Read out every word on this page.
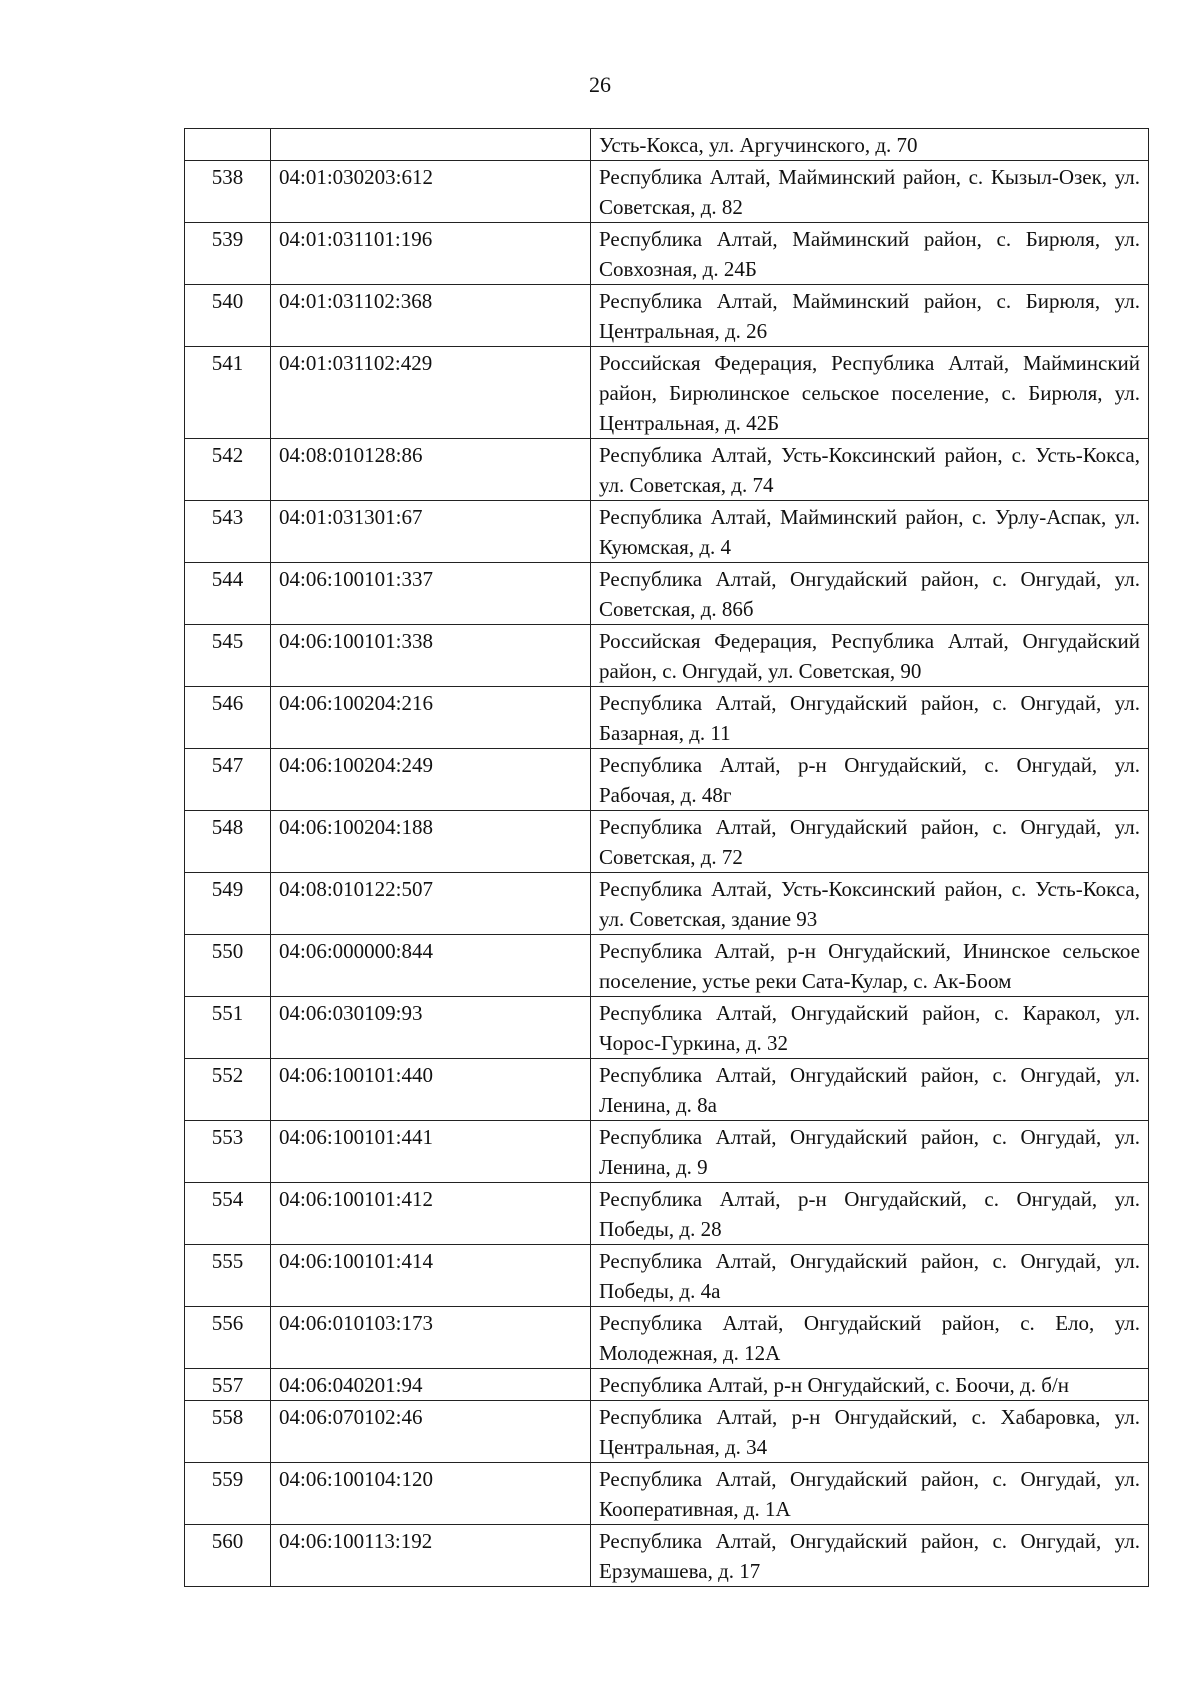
26
		Усть-Кокса, ул. Аргучинского, д. 70
538	04:01:030203:612	Республика Алтай, Майминский район, с. Кызыл-Озек, ул. Советская, д. 82
539	04:01:031101:196	Республика Алтай, Майминский район, с. Бирюля, ул. Совхозная, д. 24Б
540	04:01:031102:368	Республика Алтай, Майминский район, с. Бирюля, ул. Центральная, д. 26
541	04:01:031102:429	Российская Федерация, Республика Алтай, Майминский район, Бирюлинское сельское поселение, с. Бирюля, ул. Центральная, д. 42Б
542	04:08:010128:86	Республика Алтай, Усть-Коксинский район, с. Усть-Кокса, ул. Советская, д. 74
543	04:01:031301:67	Республика Алтай, Майминский район, с. Урлу-Аспак, ул. Куюмская, д. 4
544	04:06:100101:337	Республика Алтай, Онгудайский район, с. Онгудай, ул. Советская, д. 86б
545	04:06:100101:338	Российская Федерация, Республика Алтай, Онгудайский район, с. Онгудай, ул. Советская, 90
546	04:06:100204:216	Республика Алтай, Онгудайский район, с. Онгудай, ул. Базарная, д. 11
547	04:06:100204:249	Республика Алтай, р-н Онгудайский, с. Онгудай, ул. Рабочая, д. 48г
548	04:06:100204:188	Республика Алтай, Онгудайский район, с. Онгудай, ул. Советская, д. 72
549	04:08:010122:507	Республика Алтай, Усть-Коксинский район, с. Усть-Кокса, ул. Советская, здание 93
550	04:06:000000:844	Республика Алтай, р-н Онгудайский, Ининское сельское поселение, устье реки Сата-Кулар, с. Ак-Боом
551	04:06:030109:93	Республика Алтай, Онгудайский район, с. Каракол, ул. Чорос-Гуркина, д. 32
552	04:06:100101:440	Республика Алтай, Онгудайский район, с. Онгудай, ул. Ленина, д. 8а
553	04:06:100101:441	Республика Алтай, Онгудайский район, с. Онгудай, ул. Ленина, д. 9
554	04:06:100101:412	Республика Алтай, р-н Онгудайский, с. Онгудай, ул. Победы, д. 28
555	04:06:100101:414	Республика Алтай, Онгудайский район, с. Онгудай, ул. Победы, д. 4а
556	04:06:010103:173	Республика Алтай, Онгудайский район, с. Ело, ул. Молодежная, д. 12А
557	04:06:040201:94	Республика Алтай, р-н Онгудайский, с. Боочи, д. б/н
558	04:06:070102:46	Республика Алтай, р-н Онгудайский, с. Хабаровка, ул. Центральная, д. 34
559	04:06:100104:120	Республика Алтай, Онгудайский район, с. Онгудай, ул. Кооперативная, д. 1А
560	04:06:100113:192	Республика Алтай, Онгудайский район, с. Онгудай, ул. Ерзумашева, д. 17
